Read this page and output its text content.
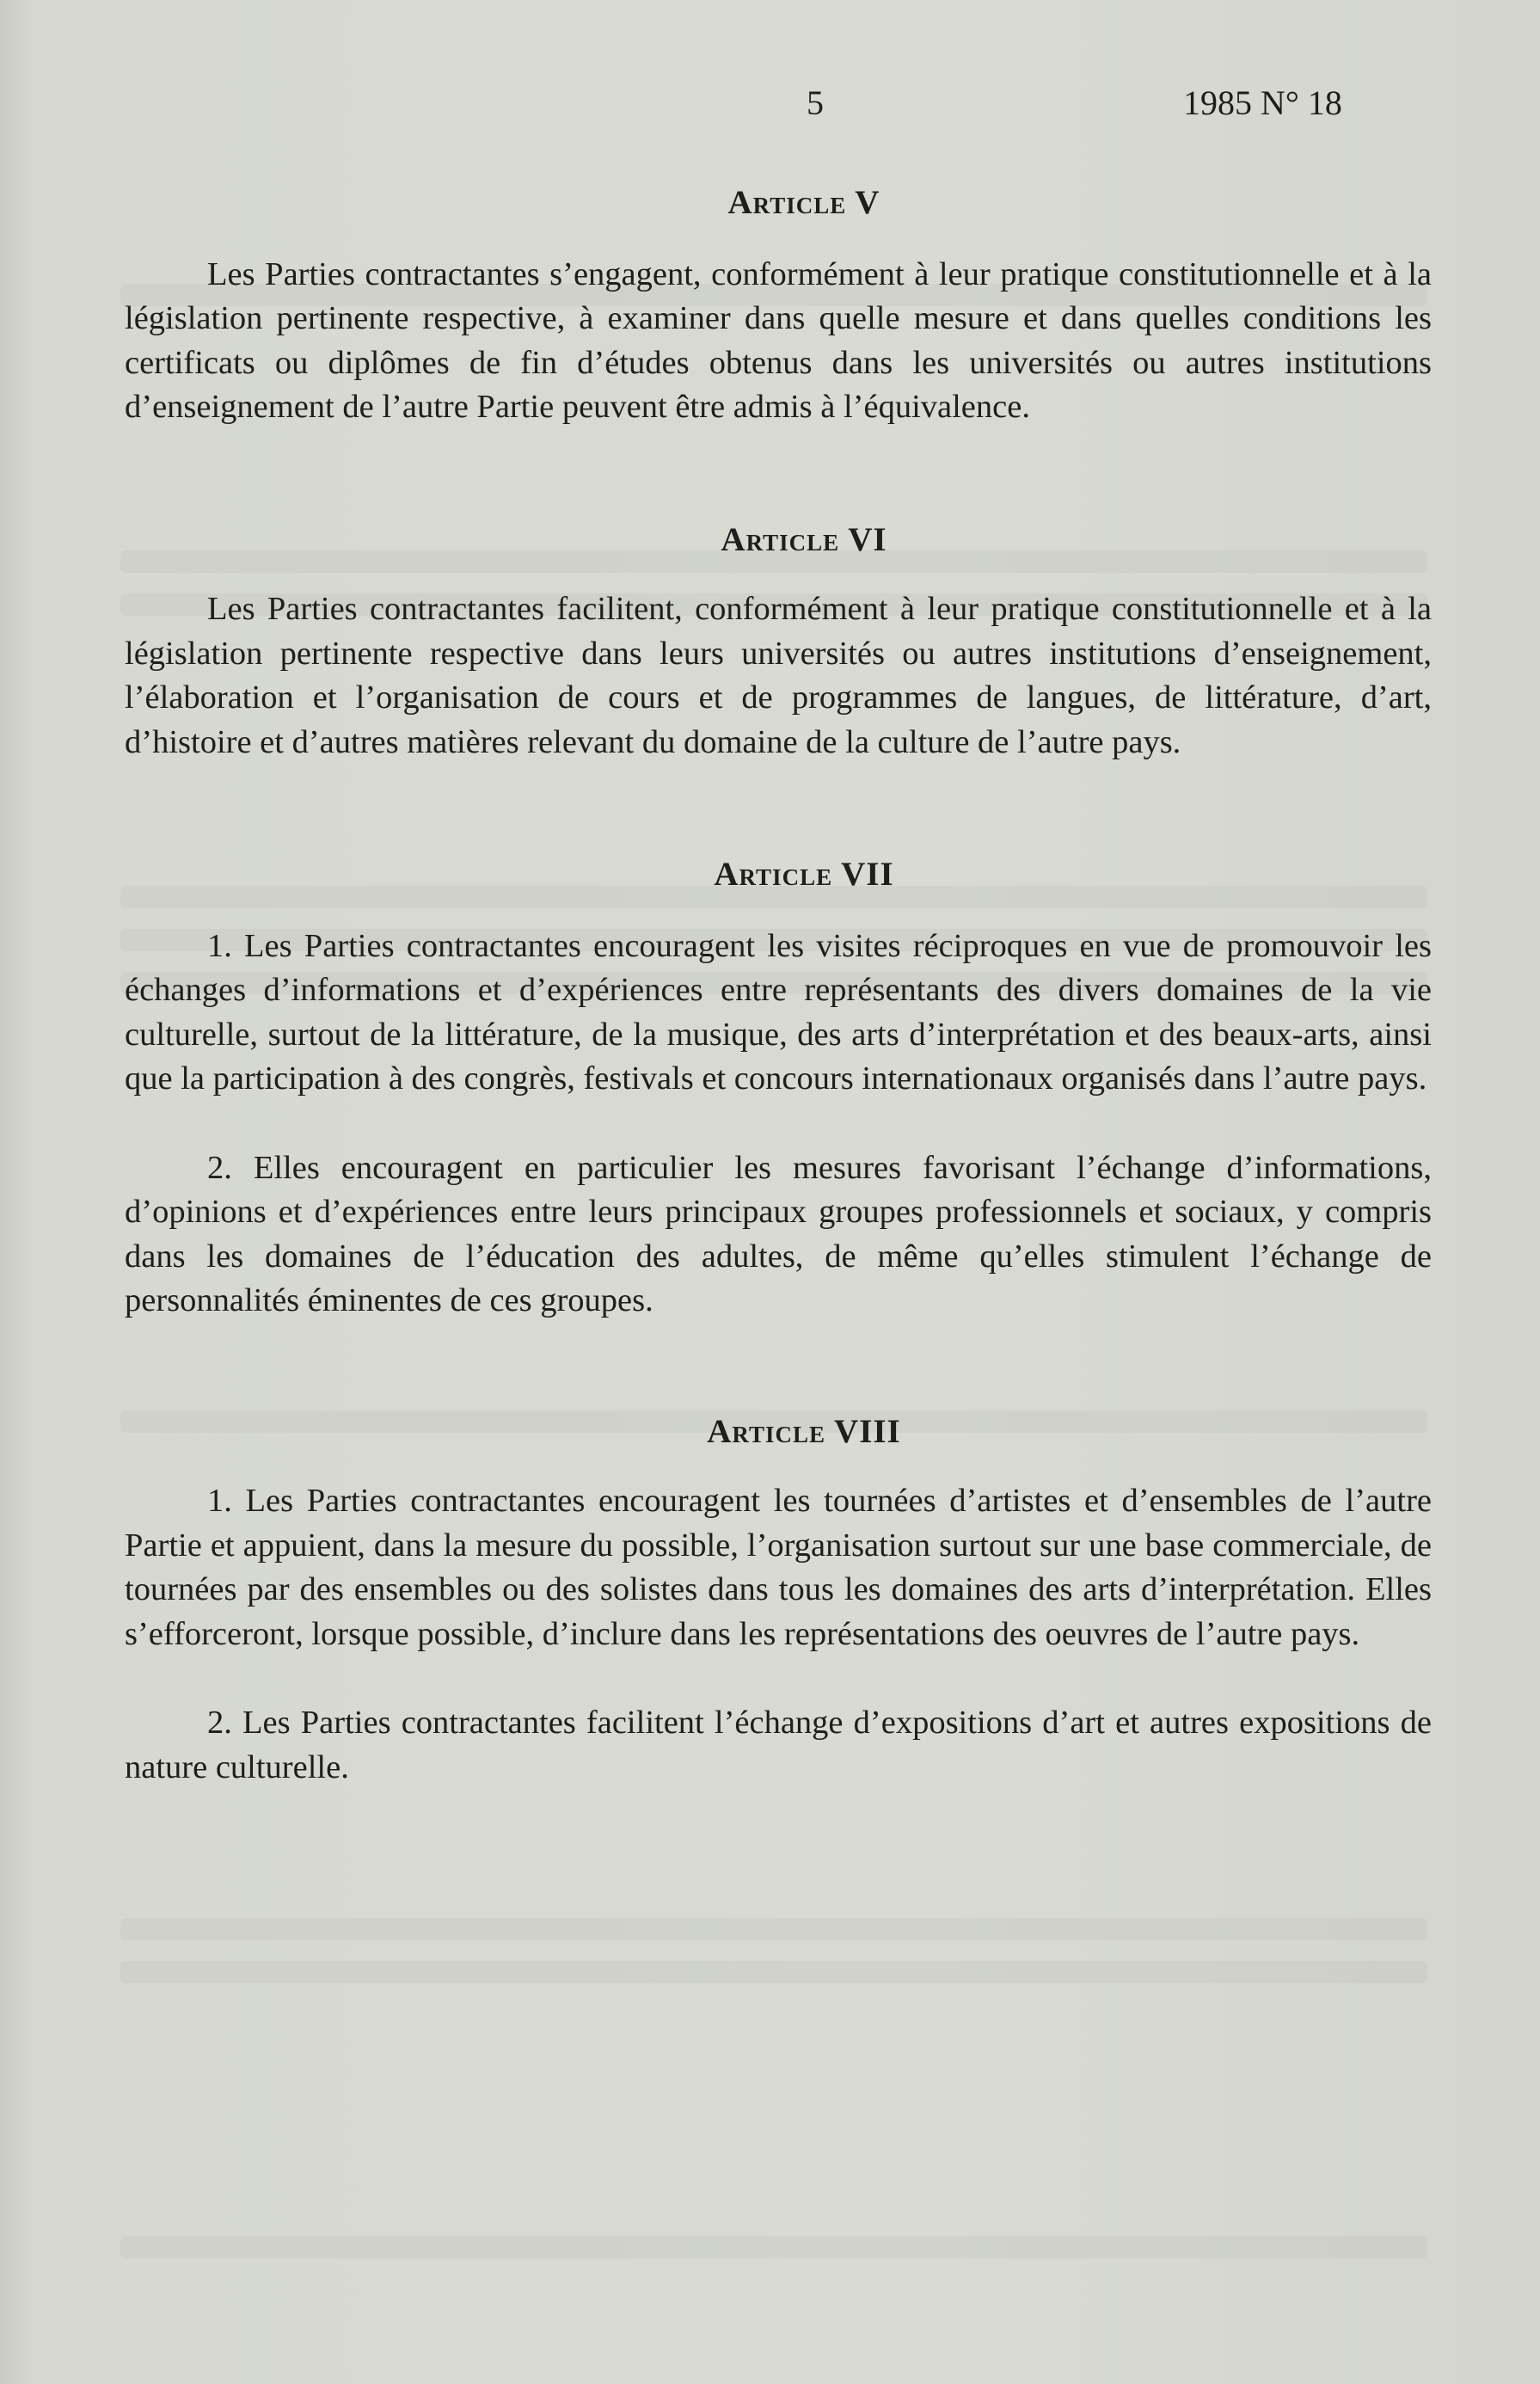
5	1985 N° 18
Article V

Les Parties contractantes s’engagent, conformément à leur pratique constitutionnelle et à la législation pertinente respective, à examiner dans quelle mesure et dans quelles conditions les certificats ou diplômes de fin d’études obtenus dans les universités ou autres institutions d’enseignement de l’autre Partie peuvent être admis à l’équivalence.

Article VI

Les Parties contractantes facilitent, conformément à leur pratique constitutionnelle et à la législation pertinente respective dans leurs universités ou autres institutions d’enseignement, l’élaboration et l’organisation de cours et de programmes de langues, de littérature, d’art, d’histoire et d’autres matières relevant du domaine de la culture de l’autre pays.

Article VII

1. Les Parties contractantes encouragent les visites réciproques en vue de promouvoir les échanges d’informations et d’expériences entre représentants des divers domaines de la vie culturelle, surtout de la littérature, de la musique, des arts d’interprétation et des beaux-arts, ainsi que la participation à des congrès, festivals et concours internationaux organisés dans l’autre pays.

2. Elles encouragent en particulier les mesures favorisant l’échange d’informations, d’opinions et d’expériences entre leurs principaux groupes professionnels et sociaux, y compris dans les domaines de l’éducation des adultes, de même qu’elles stimulent l’échange de personnalités éminentes de ces groupes.

Article VIII

1. Les Parties contractantes encouragent les tournées d’artistes et d’ensembles de l’autre Partie et appuient, dans la mesure du possible, l’organisation surtout sur une base commerciale, de tournées par des ensembles ou des solistes dans tous les domaines des arts d’interprétation. Elles s’efforceront, lorsque possible, d’inclure dans les représentations des oeuvres de l’autre pays.

2. Les Parties contractantes facilitent l’échange d’expositions d’art et autres expositions de nature culturelle.
